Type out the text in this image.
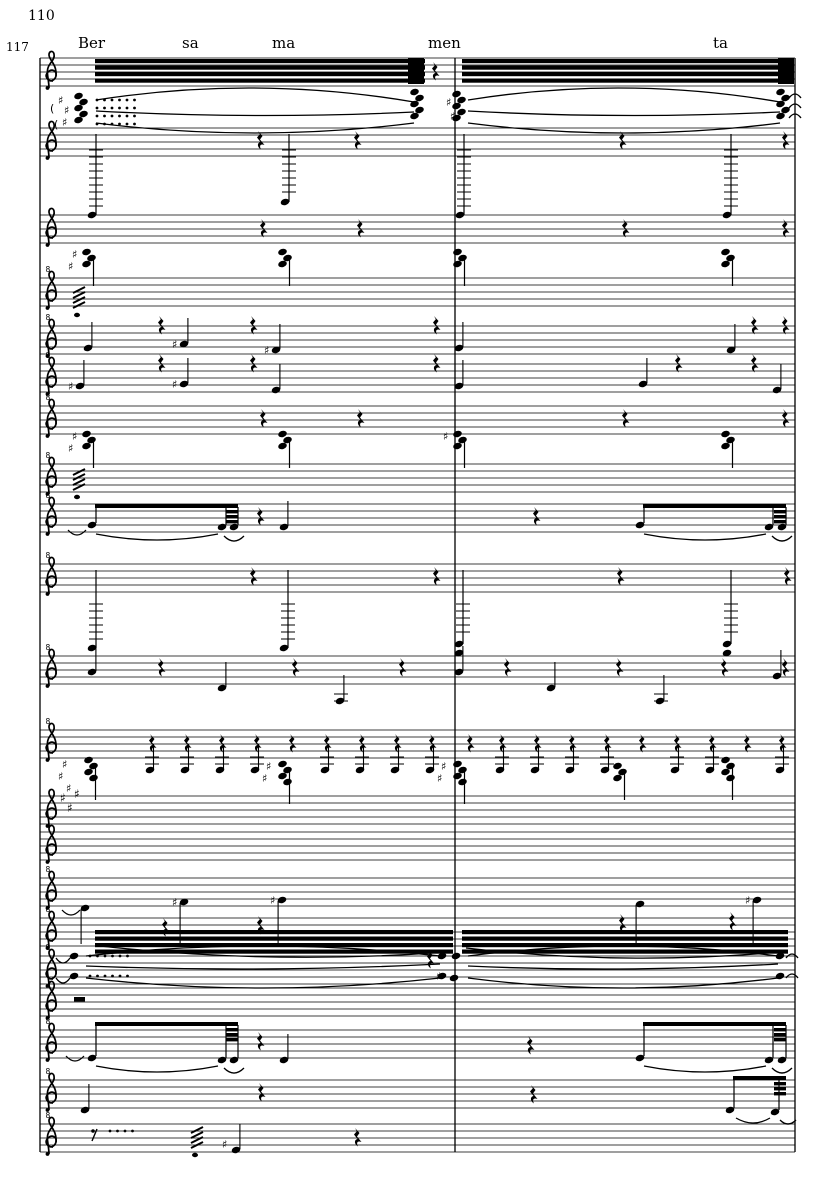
110
117	Ber	sa	ma	men	ta
8
8
8
8
8
8
8
8
8
♯
♯
♯
8
8
8
8
8
8
(
♯
♯
( ♯
♯
♯
♯
♯
♯	♯
♯	♯
♯
♯
♯
♯
♯
♯
♯
♯
♯
♯
♯	♯	♯
♯
♯
♯
